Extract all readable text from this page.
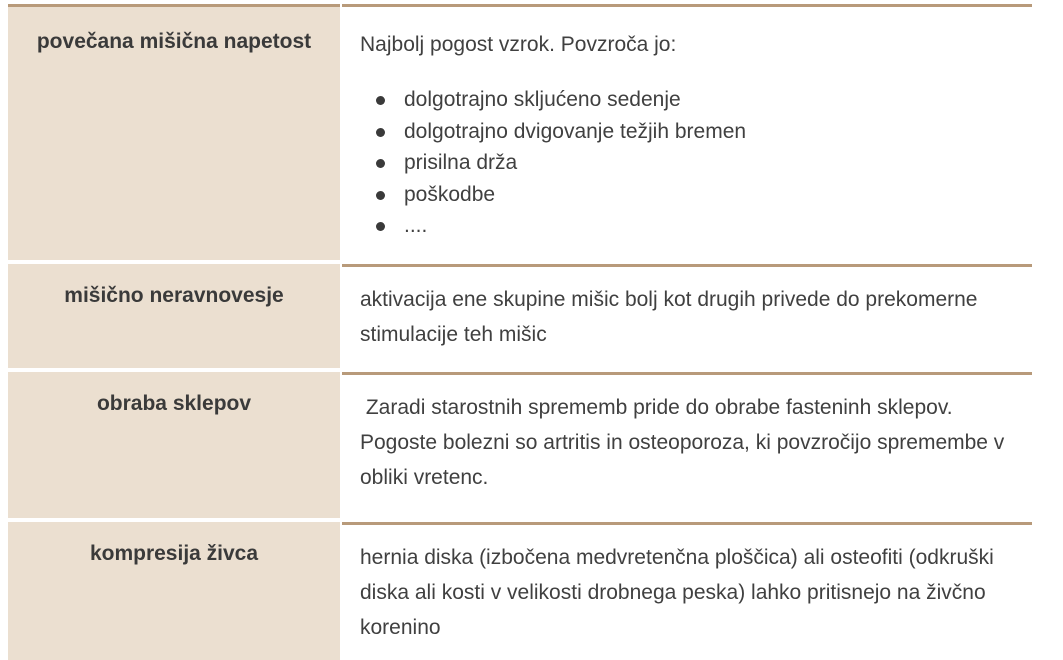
povečana mišična napetost	Najbolj pogost vzrok. Povzroča jo:

dolgotrajno skljućeno sedenje
dolgotrajno dvigovanje težjih bremen
prisilna drža
poškodbe
....
mišično neravnovesje	aktivacija ene skupine mišic bolj kot drugih privede do prekomerne stimulacije teh mišic

obraba sklepov	Zaradi starostnih sprememb pride do obrabe fasteninh sklepov. Pogoste bolezni so artritis in osteoporoza, ki povzročijo spremembe v obliki vretenc.

kompresija živca	hernia diska (izbočena medvretenčna ploščica) ali osteofiti (odkruški diska ali kosti v velikosti drobnega peska) lahko pritisnejo na živčno korenino
